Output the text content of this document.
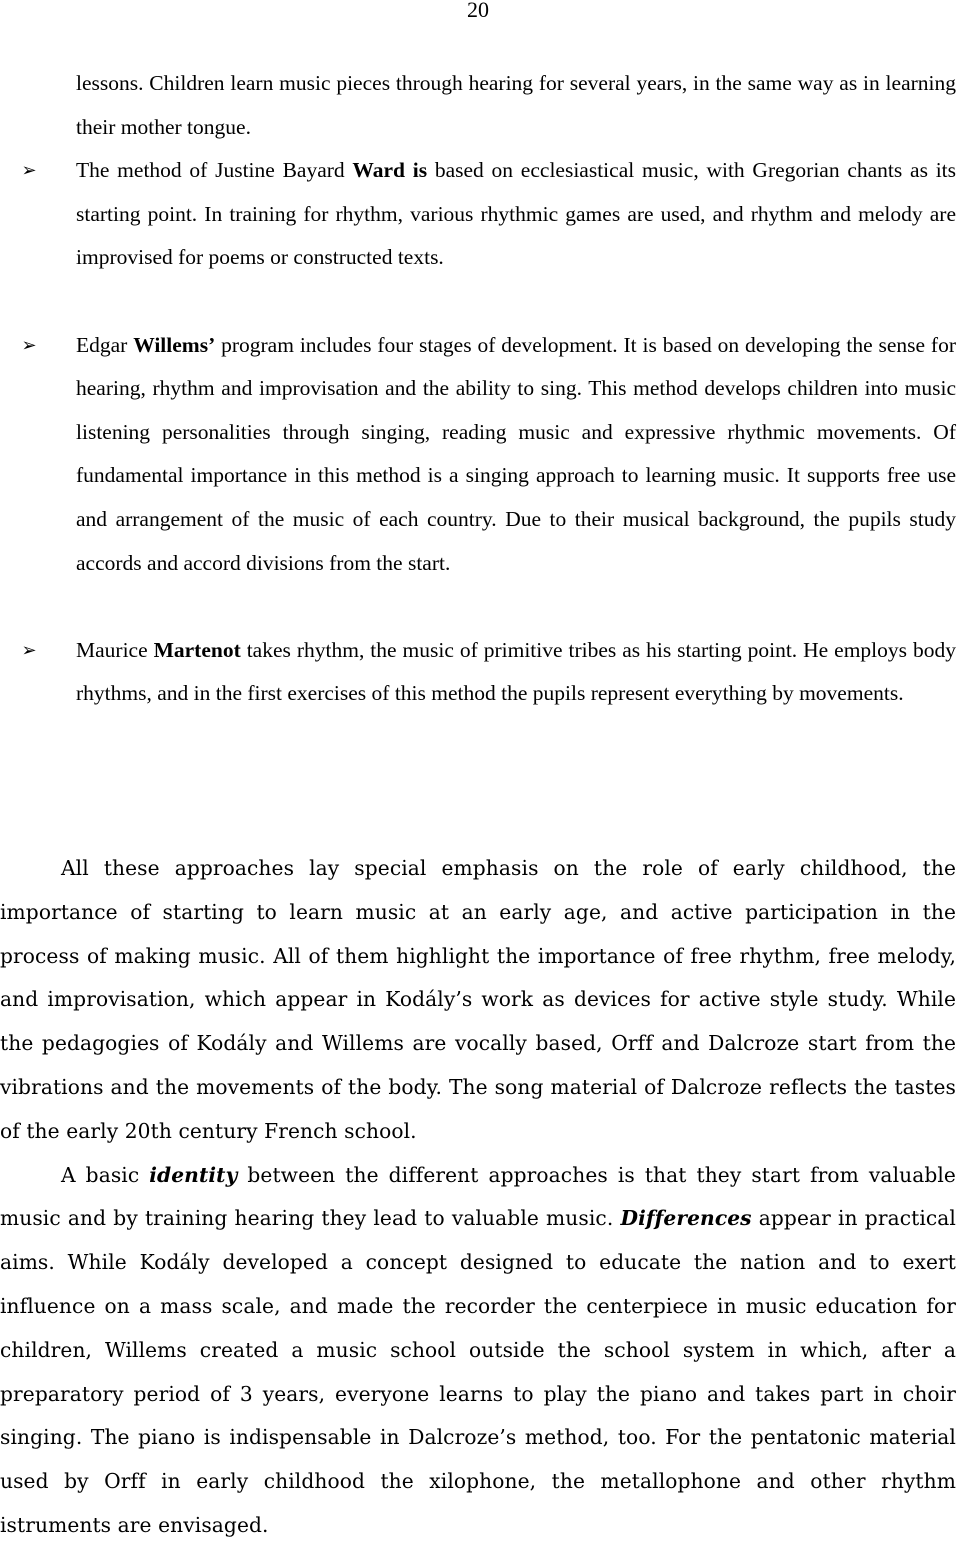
20
lessons. Children learn music pieces through hearing for several years, in the same way as in learning their mother tongue.
➢	The method of Justine Bayard Ward is based on ecclesiastical music, with Gregorian chants as its starting point. In training for rhythm, various rhythmic games are used, and rhythm and melody are improvised for poems or constructed texts.
➢	Edgar Willems’ program includes four stages of development. It is based on developing the sense for hearing, rhythm and improvisation and the ability to sing. This method develops children into music listening personalities through singing, reading music and expressive rhythmic movements. Of fundamental importance in this method is a singing approach to learning music. It supports free use and arrangement of the music of each country. Due to their musical background, the pupils study accords and accord divisions from the start.
➢	Maurice Martenot takes rhythm, the music of primitive tribes as his starting point. He employs body rhythms, and in the first exercises of this method the pupils represent everything by movements.

All these approaches lay special emphasis on the role of early childhood, the importance of starting to learn music at an early age, and active participation in the process of making music. All of them highlight the importance of free rhythm, free melody, and improvisation, which appear in Kodály’s work as devices for active style study. While the pedagogies of Kodály and Willems are vocally based, Orff and Dalcroze start from the vibrations and the movements of the body. The song material of Dalcroze reflects the tastes of the early 20th century French school.

A basic identity between the different approaches is that they start from valuable music and by training hearing they lead to valuable music. Differences appear in practical aims. While Kodály developed a concept designed to educate the nation and to exert influence on a mass scale, and made the recorder the centerpiece in music education for children, Willems created a music school outside the school system in which, after a preparatory period of 3 years, everyone learns to play the piano and takes part in choir singing. The piano is indispensable in Dalcroze’s method, too. For the pentatonic material used by Orff in early childhood the xilophone, the metallophone and other rhythm istruments are envisaged.
